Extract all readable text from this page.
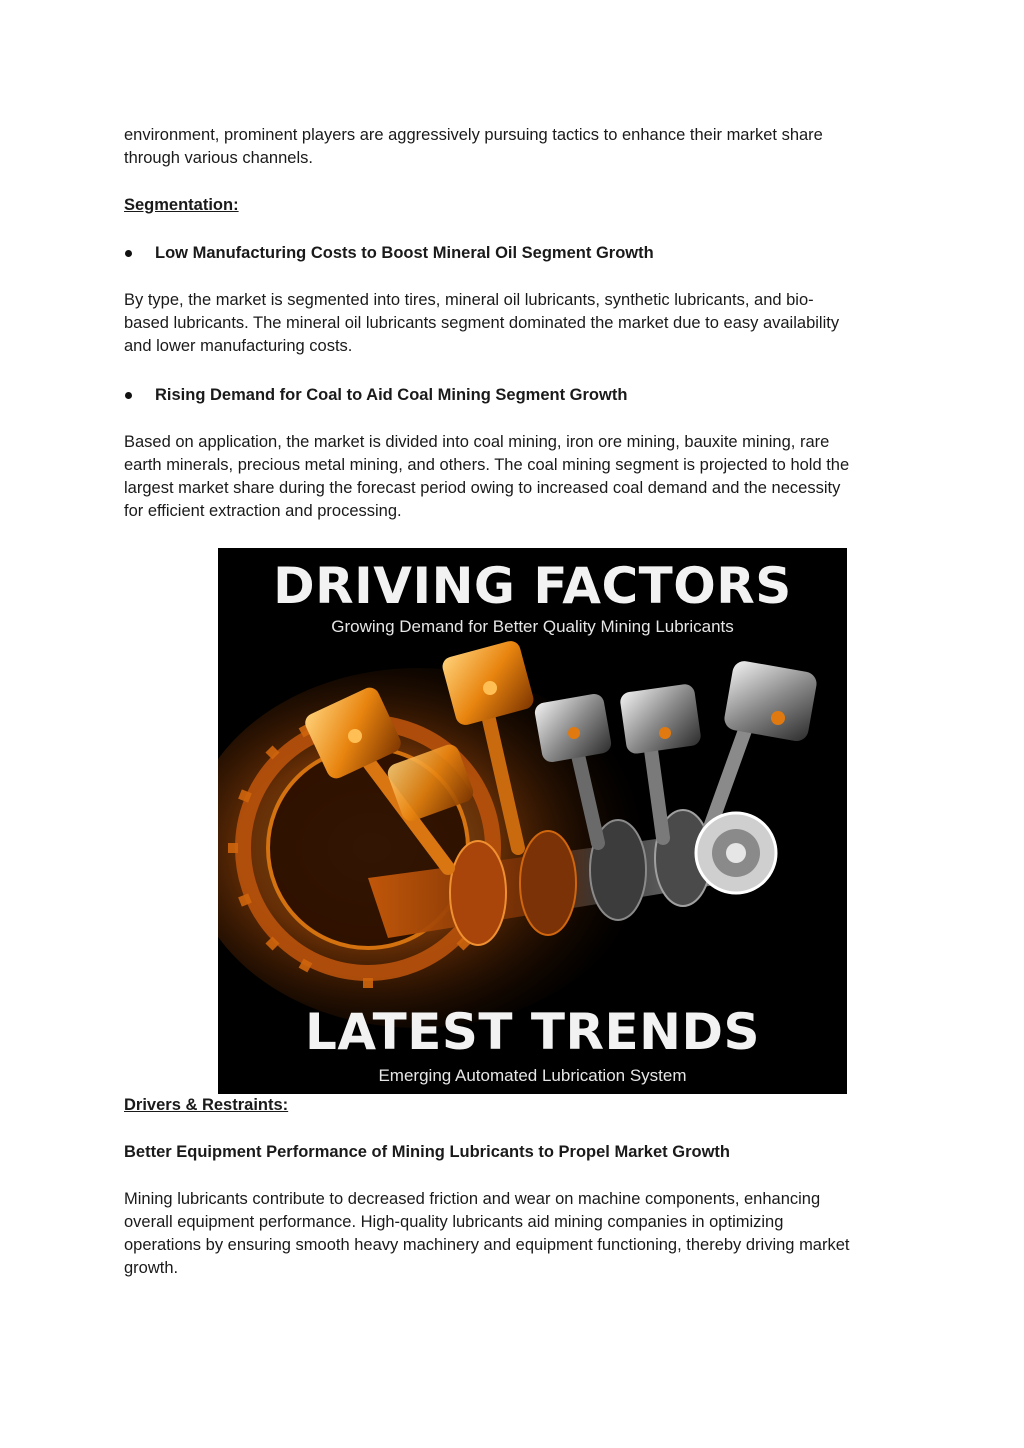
environment, prominent players are aggressively pursuing tactics to enhance their market share
through various channels.
Segmentation:
Low Manufacturing Costs to Boost Mineral Oil Segment Growth
By type, the market is segmented into tires, mineral oil lubricants, synthetic lubricants, and bio-
based lubricants. The mineral oil lubricants segment dominated the market due to easy availability
and lower manufacturing costs.
Rising Demand for Coal to Aid Coal Mining Segment Growth
Based on application, the market is divided into coal mining, iron ore mining, bauxite mining, rare
earth minerals, precious metal mining, and others. The coal mining segment is projected to hold the
largest market share during the forecast period owing to increased coal demand and the necessity
for efficient extraction and processing.
DRIVING FACTORS
Growing Demand for Better Quality Mining Lubricants
LATEST TRENDS
Emerging Automated Lubrication System
Drivers & Restraints:
Better Equipment Performance of Mining Lubricants to Propel Market Growth
Mining lubricants contribute to decreased friction and wear on machine components, enhancing
overall equipment performance. High-quality lubricants aid mining companies in optimizing
operations by ensuring smooth heavy machinery and equipment functioning, thereby driving market
growth.
